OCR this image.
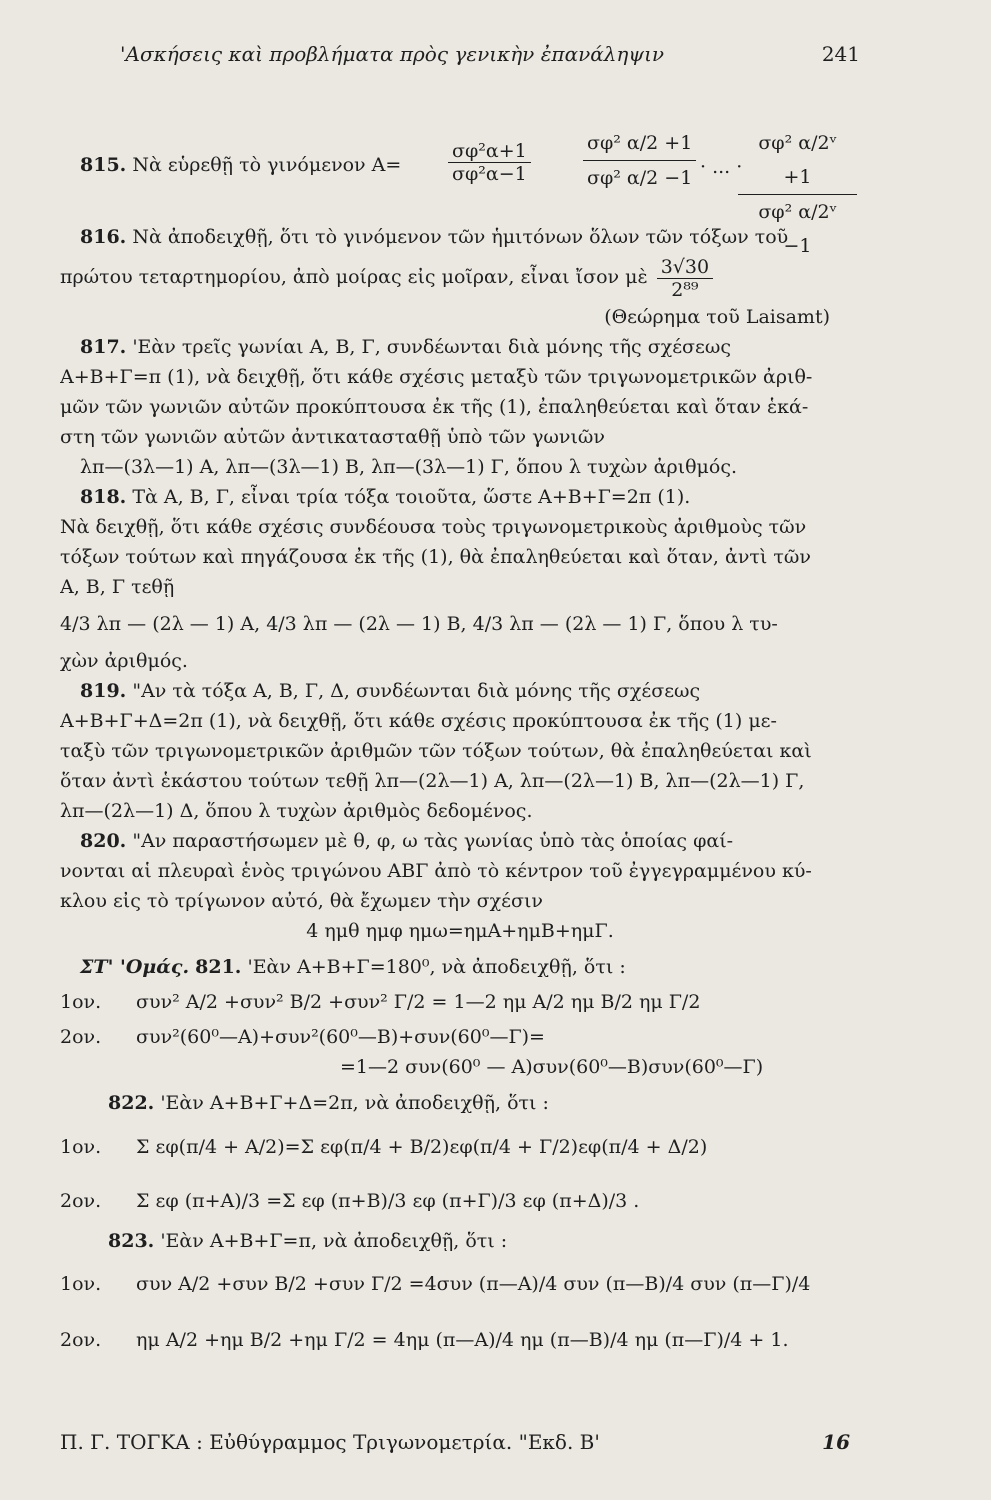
'Ασκήσεις καὶ προβλήματα πρὸς γενικὴν ἐπανάληψιν	241
815. Νὰ εὑρεθῇ τὸ γινόμενον $A= \frac{\text{σφ²α+1}}{\text{σφ²α−1}}$	$\frac{\text{σφ² α/2 +1}}{\text{σφ² α/2 −1}}$ · ... ·
$\frac{\text{σφ² α/2ᵛ +1}}{\text{σφ² α/2ᵛ −1}}$
816. Νὰ ἀποδειχθῇ, ὅτι τὸ γινόμενον τῶν ἡμιτόνων ὅλων τῶν τόξων τοῦ
πρώτου τεταρτημορίου, ἀπὸ μοίρας εἰς μοῖραν, εἶναι ἴσον μὲ $\frac{3√30}{\text{2⁸⁹}}$
(Θεώρημα τοῦ Laisamt)
817. 'Εὰν τρεῖς γωνίαι Α, Β, Γ, συνδέωνται διὰ μόνης τῆς σχέσεως
Α+Β+Γ=π (1), νὰ δειχθῇ, ὅτι κάθε σχέσις μεταξὺ τῶν τριγωνομετρικῶν ἀριθ-
μῶν τῶν γωνιῶν αὐτῶν προκύπτουσα ἐκ τῆς (1), ἐπαληθεύεται καὶ ὅταν ἑκά-
στη τῶν γωνιῶν αὐτῶν ἀντικατασταθῇ ὑπὸ τῶν γωνιῶν
λπ—(3λ—1) Α, λπ—(3λ—1) Β, λπ—(3λ—1) Γ, ὅπου λ τυχὼν ἀριθμός.
818. Τὰ Α, Β, Γ, εἶναι τρία τόξα τοιοῦτα, ὥστε Α+Β+Γ=2π (1).
Νὰ δειχθῇ, ὅτι κάθε σχέσις συνδέουσα τοὺς τριγωνομετρικοὺς ἀριθμοὺς τῶν
τόξων τούτων καὶ πηγάζουσα ἐκ τῆς (1), θὰ ἐπαληθεύεται καὶ ὅταν, ἀντὶ τῶν
Α, Β, Γ τεθῇ
4/3 λπ — (2λ — 1) Α, 4/3 λπ — (2λ — 1) Β, 4/3 λπ — (2λ — 1) Γ, ὅπου λ τυ-
χὼν ἀριθμός.
819. "Αν τὰ τόξα Α, Β, Γ, Δ, συνδέωνται διὰ μόνης τῆς σχέσεως
Α+Β+Γ+Δ=2π (1), νὰ δειχθῇ, ὅτι κάθε σχέσις προκύπτουσα ἐκ τῆς (1) με-
ταξὺ τῶν τριγωνομετρικῶν ἀριθμῶν τῶν τόξων τούτων, θὰ ἐπαληθεύεται καὶ
ὅταν ἀντὶ ἑκάστου τούτων τεθῇ λπ—(2λ—1) Α, λπ—(2λ—1) Β, λπ—(2λ—1) Γ,
λπ—(2λ—1) Δ, ὅπου λ τυχὼν ἀριθμὸς δεδομένος.
820. "Αν παραστήσωμεν μὲ θ, φ, ω τὰς γωνίας ὑπὸ τὰς ὁποίας φαί-
νονται αἱ πλευραὶ ἑνὸς τριγώνου ΑΒΓ ἀπὸ τὸ κέντρον τοῦ ἐγγεγραμμένου κύ-
κλου εἰς τὸ τρίγωνον αὐτό, θὰ ἔχωμεν τὴν σχέσιν
4 ημθ ημφ ημω=ημΑ+ημΒ+ημΓ.
ΣΤ' 'Ομάς. 821. 'Εὰν Α+Β+Γ=180⁰, νὰ ἀποδειχθῇ, ὅτι :
1ον. συν² Α/2 +συν² Β/2 +συν² Γ/2 = 1—2 ημ Α/2 ημ Β/2 ημ Γ/2
2ον. συν²(60⁰—Α)+συν²(60⁰—Β)+συν(60⁰—Γ)=
=1—2 συν(60⁰ — Α)συν(60⁰—Β)συν(60⁰—Γ)
822. 'Εὰν Α+Β+Γ+Δ=2π, νὰ ἀποδειχθῇ, ὅτι :
1ον. Σ εφ(π/4 + Α/2)=Σ εφ(π/4 + Β/2)εφ(π/4 + Γ/2)εφ(π/4 + Δ/2)
2ον. Σ εφ (π+Α)/3 =Σ εφ (π+Β)/3 εφ (π+Γ)/3 εφ (π+Δ)/3 .
823. 'Εὰν Α+Β+Γ=π, νὰ ἀποδειχθῇ, ὅτι :
1ον. συν Α/2 +συν Β/2 +συν Γ/2 =4συν (π—Α)/4 συν (π—Β)/4 συν (π—Γ)/4
2ον. ημ Α/2 +ημ Β/2 +ημ Γ/2 = 4ημ (π—Α)/4 ημ (π—Β)/4 ημ (π—Γ)/4 + 1.
Π. Γ. ΤΟΓΚΑ : Εὐθύγραμμος Τριγωνομετρία. "Εκδ. Β'	16
